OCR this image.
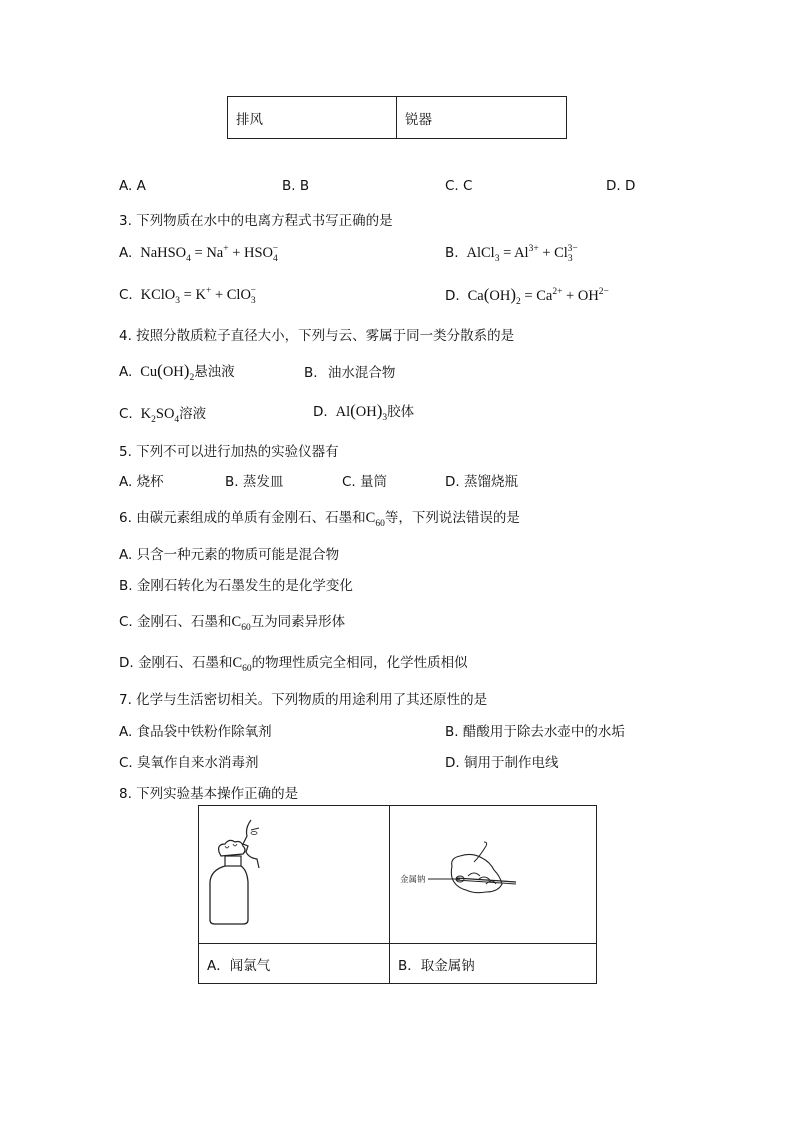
排风	锐器
A. A	B. B	C. C	D. D
3. 下列物质在水中的电离方程式书写正确的是
A.  NaHSO$_4$ = $Na^+ + HSO_4^-$	B.  AlCl$_3$ = $Al^{3+} + Cl_3^{3-}$
C.  KClO$_3$ = K+ + ClO$_3$−	D.  $Ca(OH)_2 = Ca^{2+} + OH^{2-}$
4. 按照分散质粒子直径大小，下列与云、雾属于同一类分散系的是
A.  $Cu(OH)_2$悬浊液	B. 油水混合物
C.  $K_2SO_4$溶液	D.  $Al(OH)_3$胶体
5. 下列不可以进行加热的实验仪器有
A. 烧杯	B. 蒸发皿	C. 量筒	D. 蒸馏烧瓶
6. 由碳元素组成的单质有金刚石、石墨和$C_{60}$等，下列说法错误的是
A. 只含一种元素的物质可能是混合物
B. 金刚石转化为石墨发生的是化学变化
C. 金刚石、石墨和$C_{60}$互为同素异形体
D. 金刚石、石墨和$C_{60}$的物理性质完全相同，化学性质相似
7. 化学与生活密切相关。下列物质的用途利用了其还原性的是
A. 食品袋中铁粉作除氧剂	B. 醋酸用于除去水壶中的水垢
C. 臭氧作自来水消毒剂	D. 铜用于制作电线
8. 下列实验基本操作正确的是

金属钠

A．闻氯气	B．取金属钠
